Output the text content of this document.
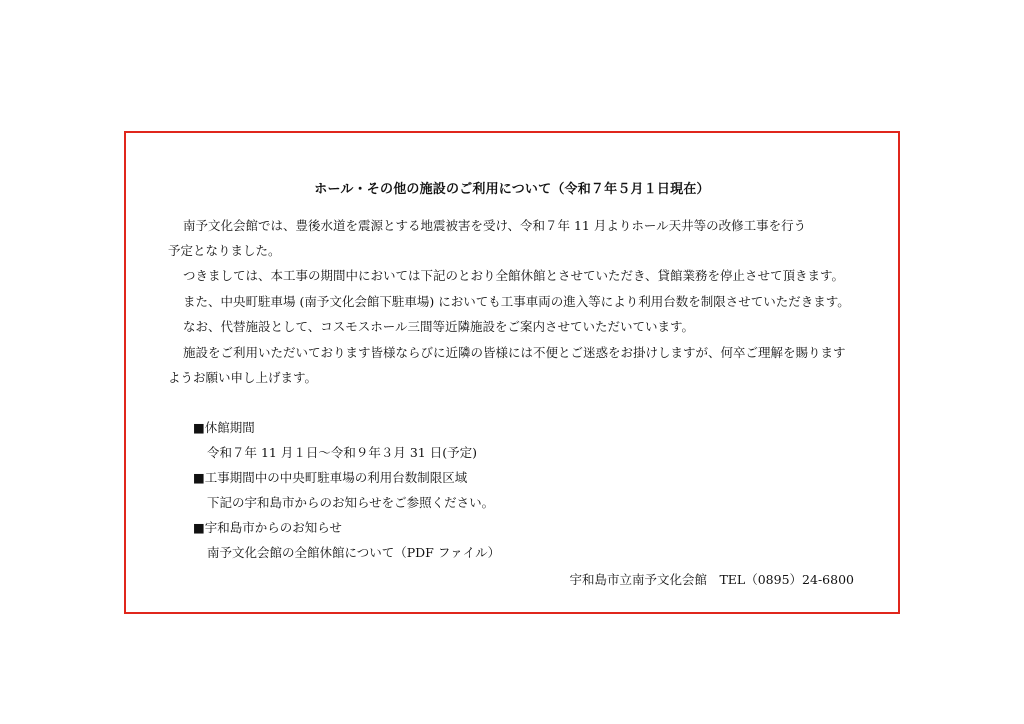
ホール・その他の施設のご利用について（令和７年５月１日現在）
南予文化会館では、豊後水道を震源とする地震被害を受け、令和７年 11 月よりホール天井等の改修工事を行う
予定となりました。
つきましては、本工事の期間中においては下記のとおり全館休館とさせていただき、貸館業務を停止させて頂きます。
また、中央町駐車場 (南予文化会館下駐車場) においても工事車両の進入等により利用台数を制限させていただきます。
なお、代替施設として、コスモスホール三間等近隣施設をご案内させていただいています。
施設をご利用いただいております皆様ならびに近隣の皆様には不便とご迷惑をお掛けしますが、何卒ご理解を賜ります
ようお願い申し上げます。
■休館期間
令和７年 11 月１日～令和９年３月 31 日(予定)
■工事期間中の中央町駐車場の利用台数制限区域
下記の宇和島市からのお知らせをご参照ください。
■宇和島市からのお知らせ
南予文化会館の全館休館について（PDF ファイル）
宇和島市立南予文化会館　TEL（0895）24-6800
